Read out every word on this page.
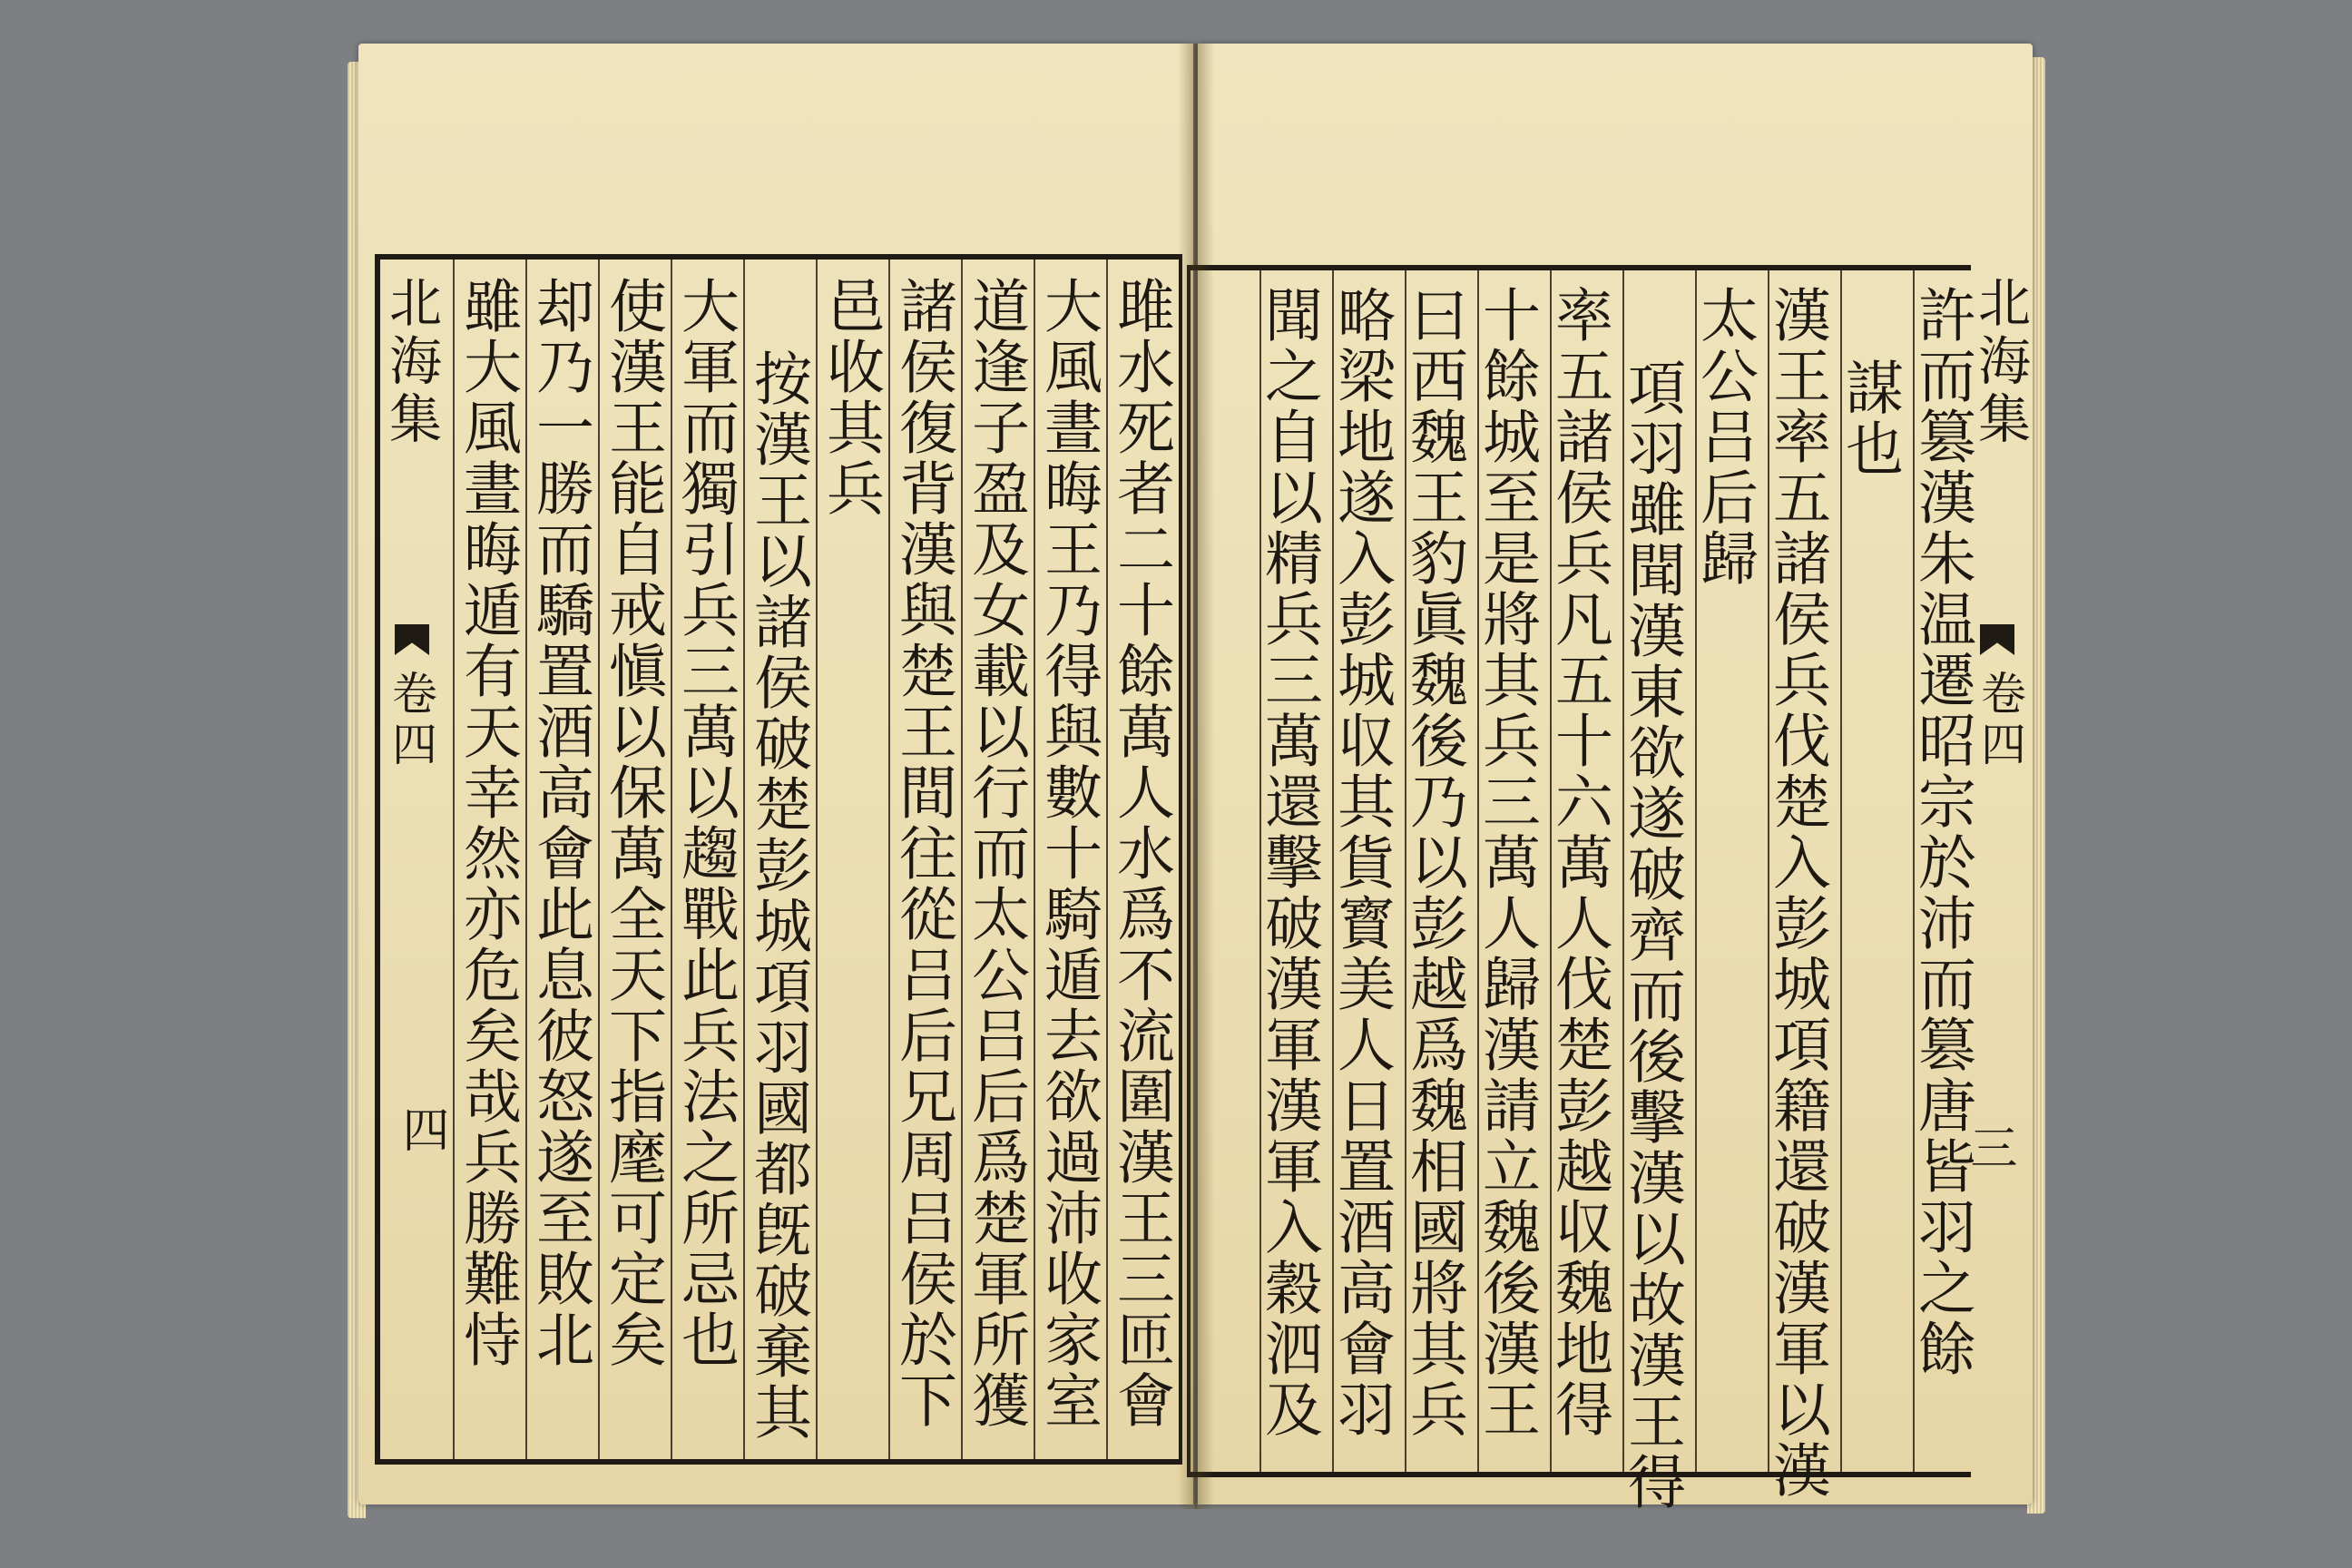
雎水死者二十餘萬人水爲不流圍漢王三匝會
大風晝晦王乃得與數十騎遁去欲過沛收家室
道逢子盈及女載以行而太公吕后爲楚軍所獲
諸侯復背漢與楚王間往從吕后兄周吕侯於下
邑收其兵
按漢王以諸侯破楚彭城項羽國都旣破棄其
大軍而獨引兵三萬以趨戰此兵法之所忌也
使漢王能自戒愼以保萬全天下指麾可定矣
却乃一勝而驕置酒高會此息彼怒遂至敗北
雖大風晝晦遁有天幸然亦危矣哉兵勝難恃
北海集
卷四
四	許而篡漢朱温遷昭宗於沛而篡唐皆羽之餘
謀也
漢王率五諸侯兵伐楚入彭城項籍還破漢軍以漢
太公吕后歸
項羽雖聞漢東欲遂破齊而後擊漢以故漢王得
率五諸侯兵凡五十六萬人伐楚彭越収魏地得
十餘城至是將其兵三萬人歸漢請立魏後漢王
曰西魏王豹眞魏後乃以彭越爲魏相國將其兵
略梁地遂入彭城収其貨寳美人日置酒高會羽
聞之自以精兵三萬還擊破漢軍漢軍入穀泗及	北海集
卷四
三
